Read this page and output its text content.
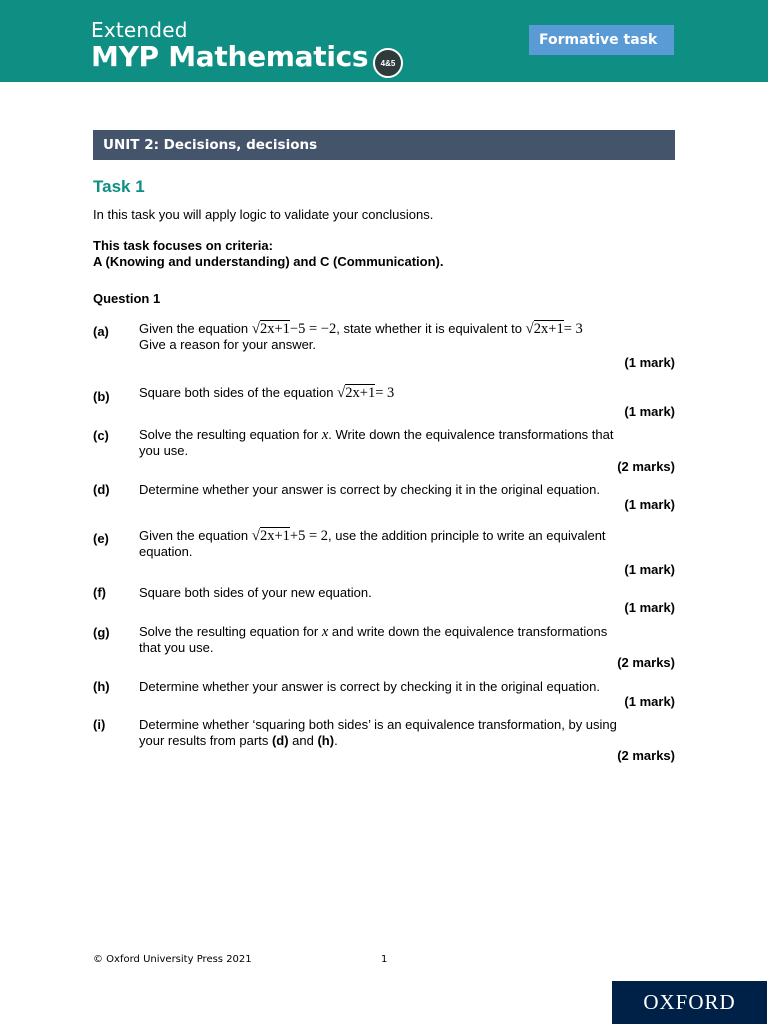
Extended
MYP Mathematics	4&5
Formative task
UNIT 2: Decisions, decisions
Task 1
In this task you will apply logic to validate your conclusions.
This task focuses on criteria:
A (Knowing and understanding) and C (Communication).
Question 1
(a) Given the equation √2x+1−5 = −2, state whether it is equivalent to √2x+1= 3
Give a reason for your answer.
(1 mark)
(b) Square both sides of the equation √2x+1= 3
(1 mark)
(c) Solve the resulting equation for x. Write down the equivalence transformations that
you use.
(2 marks)
(d) Determine whether your answer is correct by checking it in the original equation.
(1 mark)
(e) Given the equation √2x+1+5 = 2, use the addition principle to write an equivalent
equation.
(1 mark)
(f)	Square both sides of your new equation.
(1 mark)
(g) Solve the resulting equation for x and write down the equivalence transformations
that you use.
(2 marks)
(h) Determine whether your answer is correct by checking it in the original equation.
(1 mark)
(i)	Determine whether ‘squaring both sides’ is an equivalence transformation, by using
your results from parts (d) and (h).
(2 marks)
© Oxford University Press 2021	1
OXFORD
